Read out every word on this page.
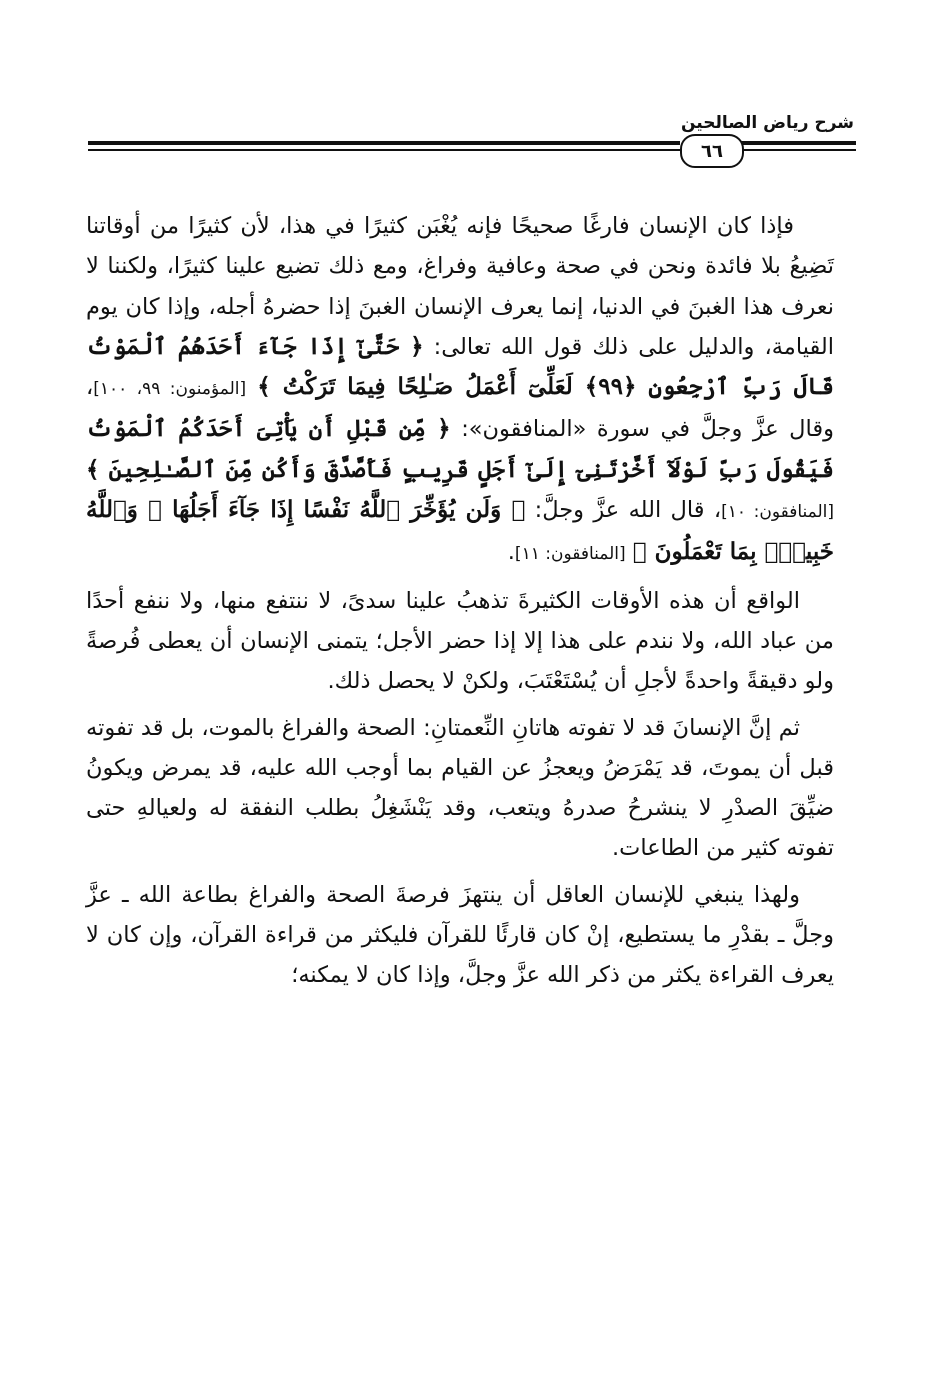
شرح رياض الصالحين
٦٦

فإذا كان الإنسان فارغًا صحيحًا فإنه يُغْبَن كثيرًا في هذا، لأن كثيرًا من أوقاتنا تَضِيعُ بلا فائدة ونحن في صحة وعافية وفراغ، ومع ذلك تضيع علينا كثيرًا، ولكننا لا نعرف هذا الغبنَ في الدنيا، إنما يعرف الإنسان الغبنَ إذا حضرهُ أجله، وإذا كان يوم القيامة، والدليل على ذلك قول الله تعالى: ﴿ حَتَّىٰٓ إِذَا جَآءَ أَحَدَهُمُ ٱلْمَوْتُ قَالَ رَبِّ ٱرْجِعُونِ ﴿٩٩﴾ لَعَلِّىٓ أَعْمَلُ صَـٰلِحًا فِيمَا تَرَكْتُ ﴾ [المؤمنون: ٩٩، ١٠٠]، وقال عزَّ وجلَّ في سورة «المنافقون»: ﴿ مِّن قَبْلِ أَن يَأْتِىَ أَحَدَكُمُ ٱلْمَوْتُ فَيَقُولَ رَبِّ لَوْلَآ أَخَّرْتَنِىٓ إِلَىٰٓ أَجَلٍ قَرِيبٍ فَأَصَّدَّقَ وَأَكُن مِّنَ ٱلصَّـٰلِحِينَ ﴾ [المنافقون: ١٠]، قال الله عزَّ وجلَّ: ﴿ وَلَن يُؤَخِّرَ ٱللَّهُ نَفْسًا إِذَا جَآءَ أَجَلُهَا ۚ وَٱللَّهُ خَبِيرٌۢ بِمَا تَعْمَلُونَ ﴾ [المنافقون: ١١].

الواقع أن هذه الأوقات الكثيرةَ تذهبُ علينا سدىً، لا ننتفع منها، ولا ننفع أحدًا من عباد الله، ولا نندم على هذا إلا إذا حضر الأجل؛ يتمنى الإنسان أن يعطى فُرصةً ولو دقيقةً واحدةً لأجلِ أن يُسْتَعْتَبَ، ولكنْ لا يحصل ذلك.

ثم إنَّ الإنسانَ قد لا تفوته هاتانِ النِّعمتانِ: الصحة والفراغ بالموت، بل قد تفوته قبل أن يموتَ، قد يَمْرَضُ ويعجزُ عن القيام بما أوجب الله عليه، قد يمرض ويكونُ ضيِّقَ الصدْرِ لا ينشرحُ صدرهُ ويتعب، وقد يَنْشَغِلُ بطلب النفقة له ولعيالهِ حتى تفوته كثير من الطاعات.

ولهذا ينبغي للإنسان العاقل أن ينتهزَ فرصةَ الصحة والفراغ بطاعة الله ـ عزَّ وجلَّ ـ بقدْرِ ما يستطيع، إنْ كان قارئًا للقرآن فليكثر من قراءة القرآن، وإن كان لا يعرف القراءة يكثر من ذكر الله عزَّ وجلَّ، وإذا كان لا يمكنه؛
